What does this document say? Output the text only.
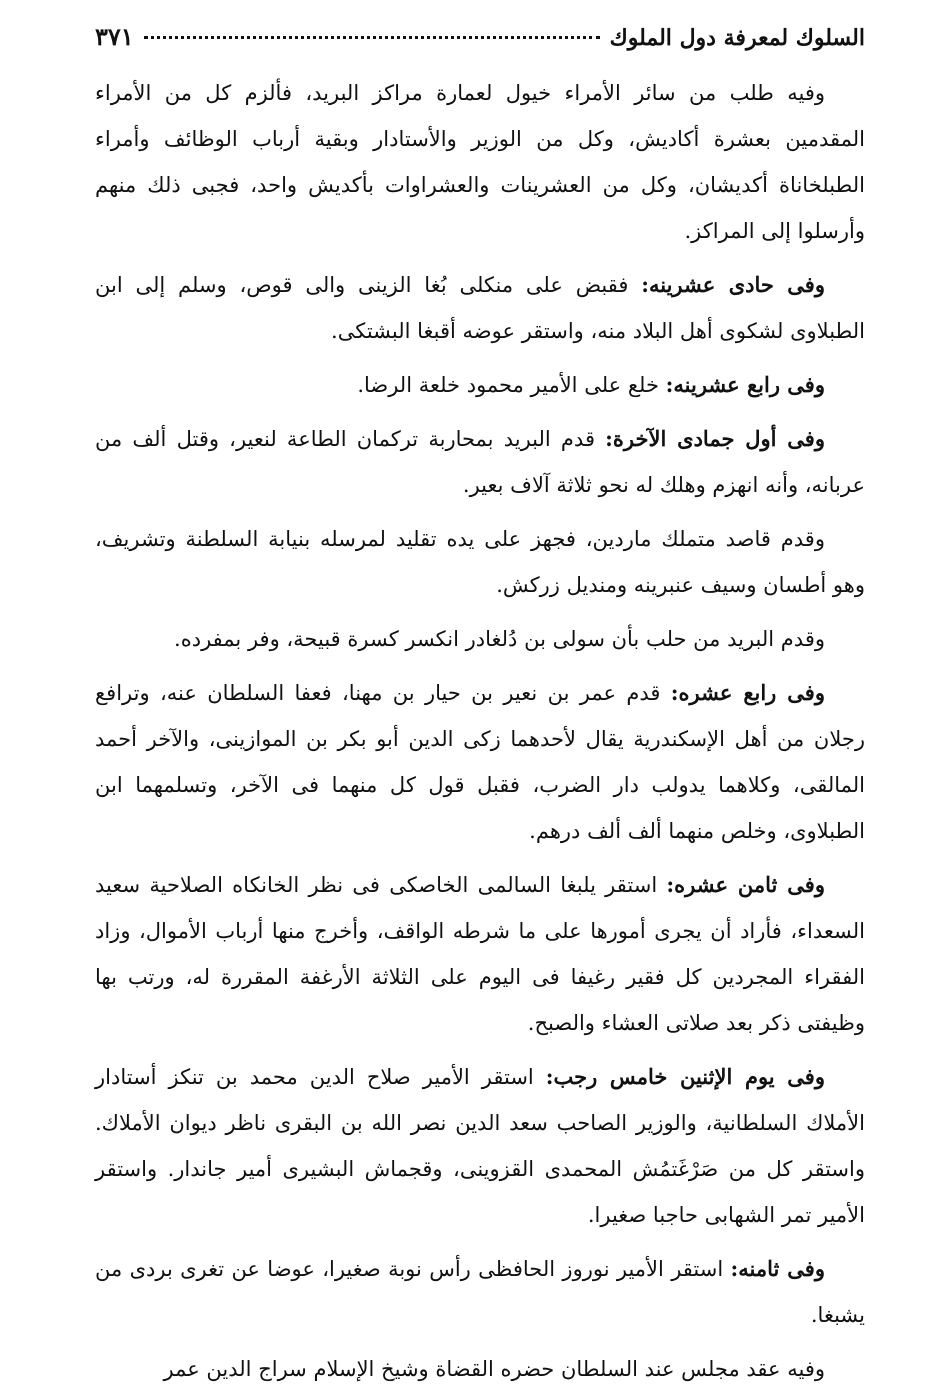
السلوك لمعرفة دول الملوك
٣٧١

وفيه طلب من سائر الأمراء خيول لعمارة مراكز البريد، فألزم كل من الأمراء المقدمين بعشرة أكاديش، وكل من الوزير والأستادار وبقية أرباب الوظائف وأمراء الطبلخاناة أكديشان، وكل من العشرينات والعشراوات بأكديش واحد، فجبى ذلك منهم وأرسلوا إلى المراكز.

وفى حادى عشرينه: فقبض على منكلى بُغا الزينى والى قوص، وسلم إلى ابن الطبلاوى لشكوى أهل البلاد منه، واستقر عوضه أقبغا البشتكى.

وفى رابع عشرينه: خلع على الأمير محمود خلعة الرضا.

وفى أول جمادى الآخرة: قدم البريد بمحاربة تركمان الطاعة لنعير، وقتل ألف من عربانه، وأنه انهزم وهلك له نحو ثلاثة آلاف بعير.

وقدم قاصد متملك ماردين، فجهز على يده تقليد لمرسله بنيابة السلطنة وتشريف، وهو أطسان وسيف عنبرينه ومنديل زركش.

وقدم البريد من حلب بأن سولى بن دُلغادر انكسر كسرة قبيحة، وفر بمفرده.

وفى رابع عشره: قدم عمر بن نعير بن حيار بن مهنا، فعفا السلطان عنه، وترافع رجلان من أهل الإسكندرية يقال لأحدهما زكى الدين أبو بكر بن الموازينى، والآخر أحمد المالقى، وكلاهما يدولب دار الضرب، فقبل قول كل منهما فى الآخر، وتسلمهما ابن الطبلاوى، وخلص منهما ألف ألف درهم.

وفى ثامن عشره: استقر يلبغا السالمى الخاصكى فى نظر الخانكاه الصلاحية سعيد السعداء، فأراد أن يجرى أمورها على ما شرطه الواقف، وأخرج منها أرباب الأموال، وزاد الفقراء المجردين كل فقير رغيفا فى اليوم على الثلاثة الأرغفة المقررة له، ورتب بها وظيفتى ذكر بعد صلاتى العشاء والصبح.

وفى يوم الإثنين خامس رجب: استقر الأمير صلاح الدين محمد بن تنكز أستادار الأملاك السلطانية، والوزير الصاحب سعد الدين نصر الله بن البقرى ناظر ديوان الأملاك. واستقر كل من صَرْغَتمُش المحمدى القزوينى، وقجماش البشيرى أمير جاندار. واستقر الأمير تمر الشهابى حاجبا صغيرا.

وفى ثامنه: استقر الأمير نوروز الحافظى رأس نوبة صغيرا، عوضا عن تغرى بردى من يشبغا.

وفيه عقد مجلس عند السلطان حضره القضاة وشيخ الإسلام سراج الدين عمر
